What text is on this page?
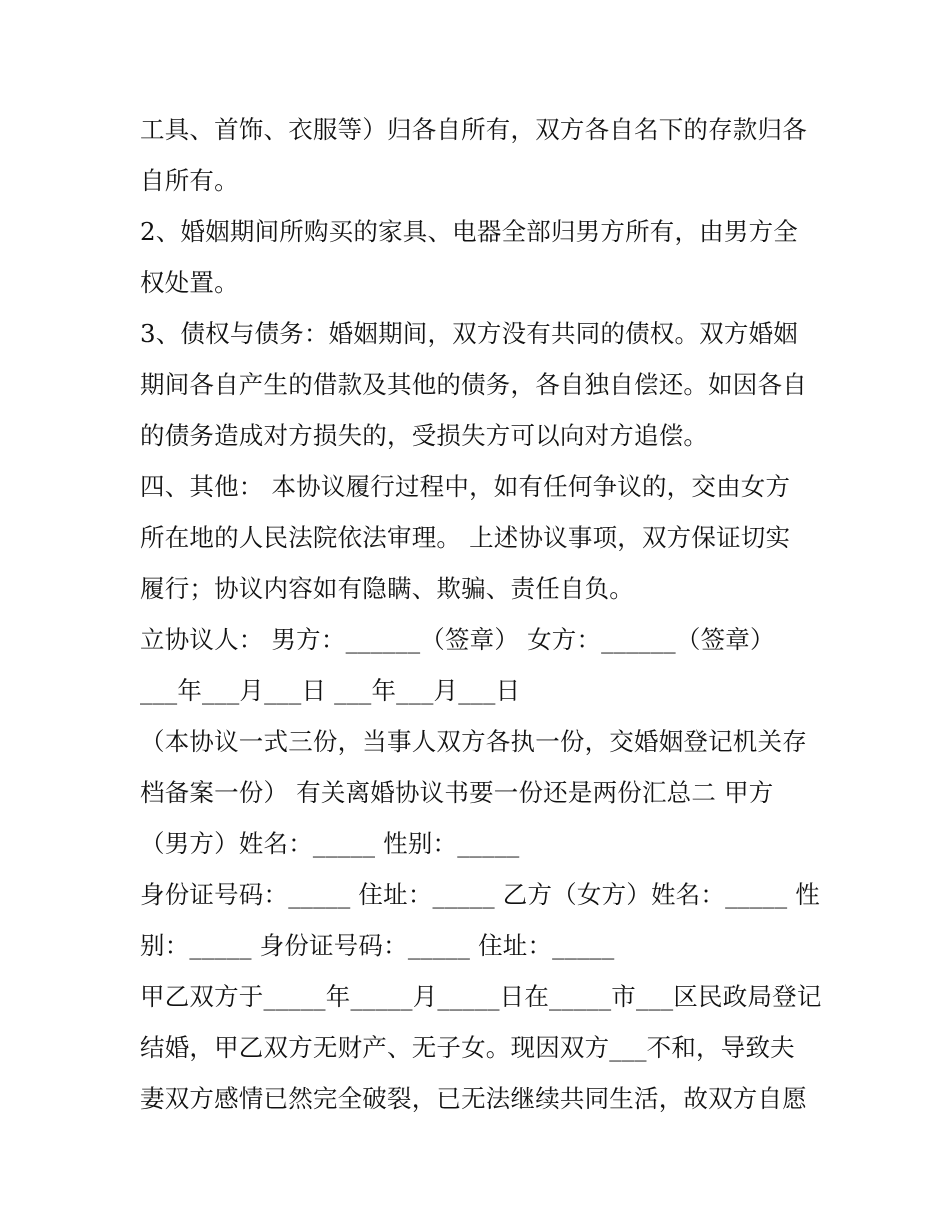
工具、首饰、衣服等）归各自所有，双方各自名下的存款归各
自所有。
2、婚姻期间所购买的家具、电器全部归男方所有，由男方全
权处置。
3、债权与债务：婚姻期间，双方没有共同的债权。双方婚姻
期间各自产生的借款及其他的债务，各自独自偿还。如因各自
的债务造成对方损失的，受损失方可以向对方追偿。
四、其他： 本协议履行过程中，如有任何争议的，交由女方
所在地的人民法院依法审理。 上述协议事项，双方保证切实
履行；协议内容如有隐瞒、欺骗、责任自负。
立协议人： 男方：______（签章） 女方：______（签章）
___年___月___日 ___年___月___日
（本协议一式三份，当事人双方各执一份，交婚姻登记机关存
档备案一份） 有关离婚协议书要一份还是两份汇总二 甲方
（男方）姓名：_____ 性别：_____
身份证号码：_____ 住址：_____ 乙方（女方）姓名：_____ 性
别：_____ 身份证号码：_____ 住址：_____
甲乙双方于_____年_____月_____日在_____市___区民政局登记
结婚，甲乙双方无财产、无子女。现因双方___不和，导致夫
妻双方感情已然完全破裂，已无法继续共同生活，故双方自愿
